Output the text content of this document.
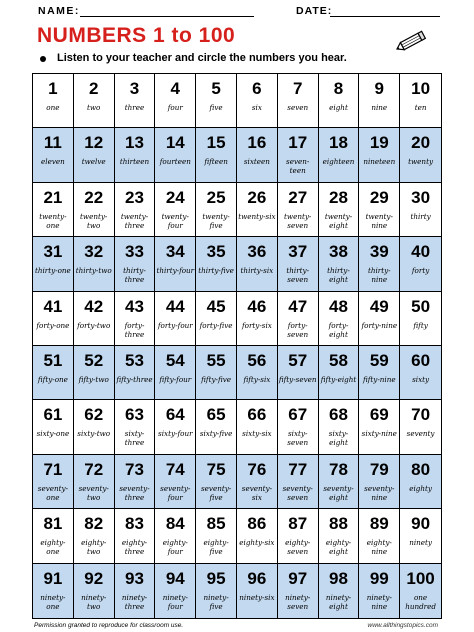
NAME:	DATE:
NUMBERS 1 to 100
Listen to your teacher and circle the numbers you hear.
1
one
2
two
3
three
4
four
5
five
6
six
7
seven
8
eight
9
nine
10
ten
11
eleven
12
twelve
13
thirteen
14
fourteen
15
fifteen
16
sixteen
17
seven-teen
18
eighteen
19
nineteen
20
twenty
21
twenty-one
22
twenty-two
23
twenty-three
24
twenty-four
25
twenty-five
26
twenty-six
27
twenty-seven
28
twenty-eight
29
twenty-nine
30
thirty
31
thirty-one
32
thirty-two
33
thirty-three
34
thirty-four
35
thirty-five
36
thirty-six
37
thirty-seven
38
thirty-eight
39
thirty-nine
40
forty
41
forty-one
42
forty-two
43
forty-three
44
forty-four
45
forty-five
46
forty-six
47
forty-seven
48
forty-eight
49
forty-nine
50
fifty
51
fifty-one
52
fifty-two
53
fifty-three
54
fifty-four
55
fifty-five
56
fifty-six
57
fifty-seven
58
fifty-eight
59
fifty-nine
60
sixty
61
sixty-one
62
sixty-two
63
sixty-three
64
sixty-four
65
sixty-five
66
sixty-six
67
sixty-seven
68
sixty-eight
69
sixty-nine
70
seventy
71
seventy-one
72
seventy-two
73
seventy-three
74
seventy-four
75
seventy-five
76
seventy-six
77
seventy-seven
78
seventy-eight
79
seventy-nine
80
eighty
81
eighty-one
82
eighty-two
83
eighty-three
84
eighty-four
85
eighty-five
86
eighty-six
87
eighty-seven
88
eighty-eight
89
eighty-nine
90
ninety
91
ninety-one
92
ninety-two
93
ninety-three
94
ninety-four
95
ninety-five
96
ninety-six
97
ninety-seven
98
ninety-eight
99
ninety-nine
100
one hundred
Permission granted to reproduce for classroom use.	www.allthingstopics.com
